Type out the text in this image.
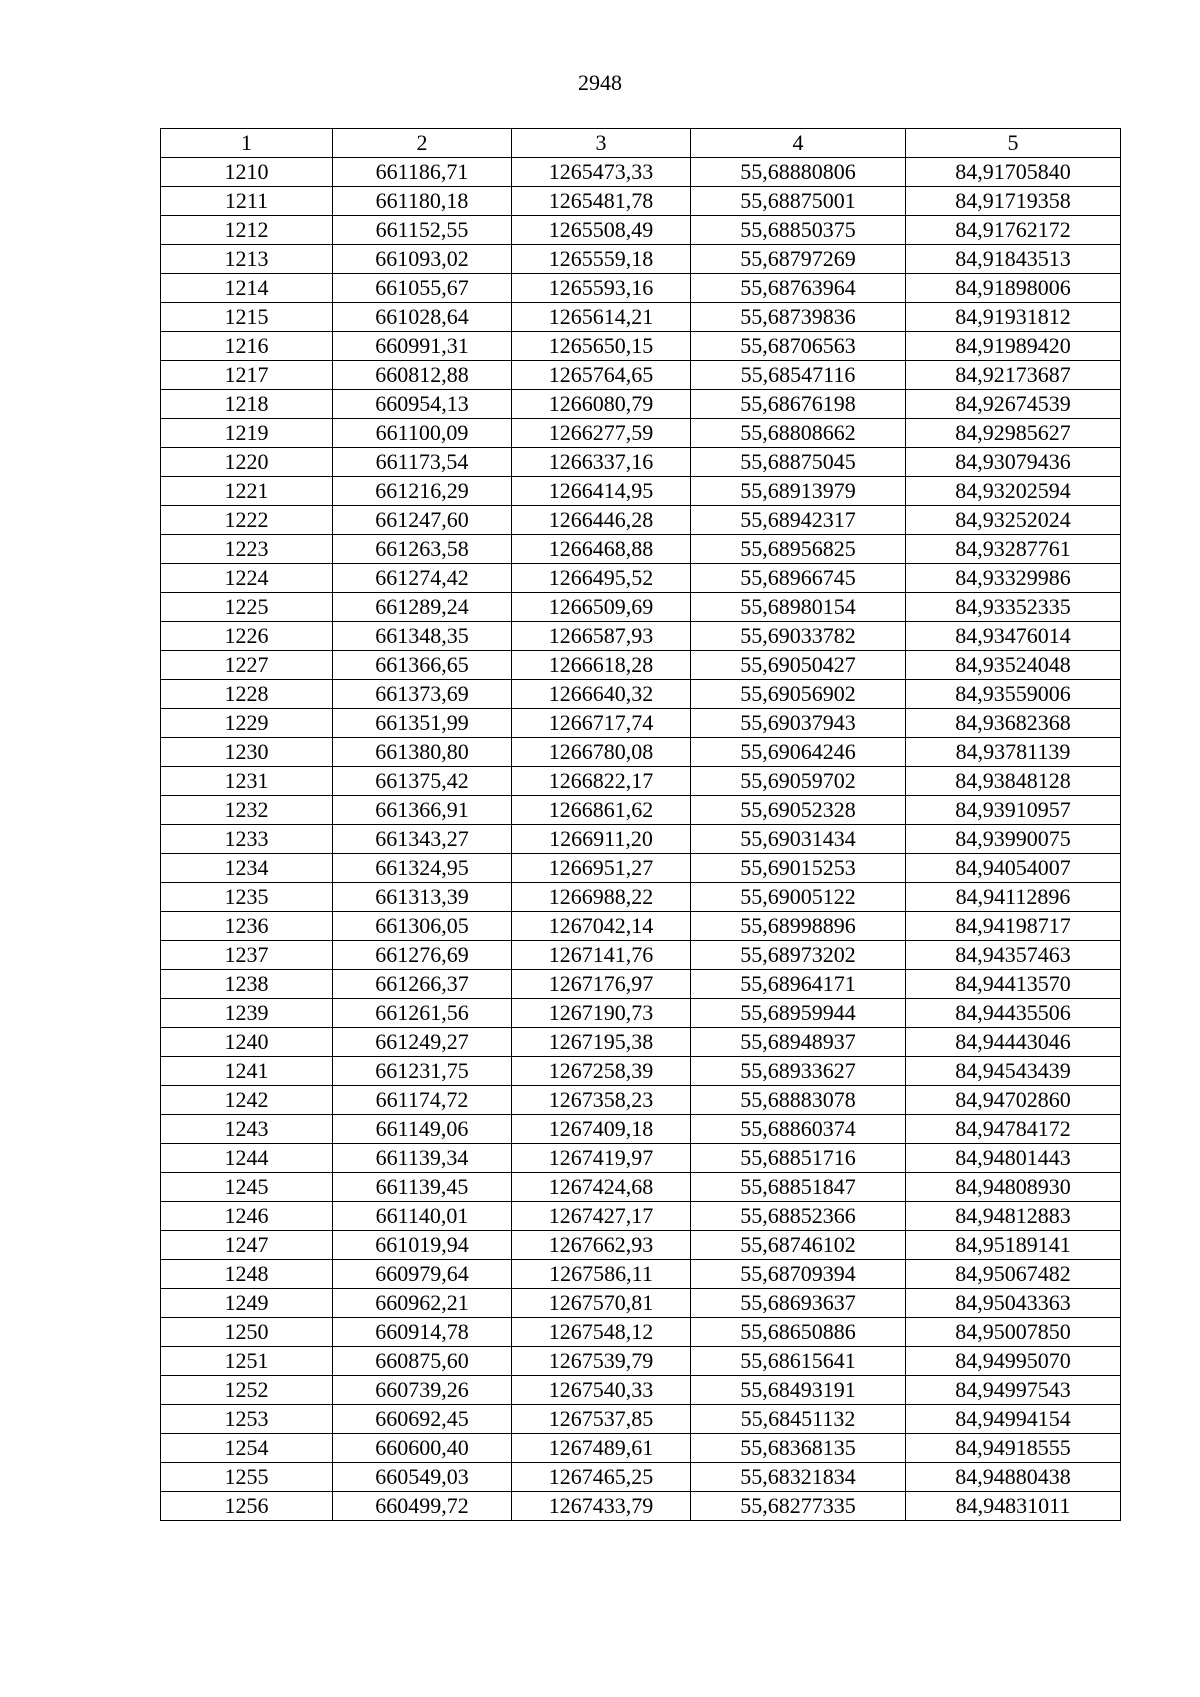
2948
1	2	3	4	5
1210	661186,71	1265473,33	55,68880806	84,91705840
1211	661180,18	1265481,78	55,68875001	84,91719358
1212	661152,55	1265508,49	55,68850375	84,91762172
1213	661093,02	1265559,18	55,68797269	84,91843513
1214	661055,67	1265593,16	55,68763964	84,91898006
1215	661028,64	1265614,21	55,68739836	84,91931812
1216	660991,31	1265650,15	55,68706563	84,91989420
1217	660812,88	1265764,65	55,68547116	84,92173687
1218	660954,13	1266080,79	55,68676198	84,92674539
1219	661100,09	1266277,59	55,68808662	84,92985627
1220	661173,54	1266337,16	55,68875045	84,93079436
1221	661216,29	1266414,95	55,68913979	84,93202594
1222	661247,60	1266446,28	55,68942317	84,93252024
1223	661263,58	1266468,88	55,68956825	84,93287761
1224	661274,42	1266495,52	55,68966745	84,93329986
1225	661289,24	1266509,69	55,68980154	84,93352335
1226	661348,35	1266587,93	55,69033782	84,93476014
1227	661366,65	1266618,28	55,69050427	84,93524048
1228	661373,69	1266640,32	55,69056902	84,93559006
1229	661351,99	1266717,74	55,69037943	84,93682368
1230	661380,80	1266780,08	55,69064246	84,93781139
1231	661375,42	1266822,17	55,69059702	84,93848128
1232	661366,91	1266861,62	55,69052328	84,93910957
1233	661343,27	1266911,20	55,69031434	84,93990075
1234	661324,95	1266951,27	55,69015253	84,94054007
1235	661313,39	1266988,22	55,69005122	84,94112896
1236	661306,05	1267042,14	55,68998896	84,94198717
1237	661276,69	1267141,76	55,68973202	84,94357463
1238	661266,37	1267176,97	55,68964171	84,94413570
1239	661261,56	1267190,73	55,68959944	84,94435506
1240	661249,27	1267195,38	55,68948937	84,94443046
1241	661231,75	1267258,39	55,68933627	84,94543439
1242	661174,72	1267358,23	55,68883078	84,94702860
1243	661149,06	1267409,18	55,68860374	84,94784172
1244	661139,34	1267419,97	55,68851716	84,94801443
1245	661139,45	1267424,68	55,68851847	84,94808930
1246	661140,01	1267427,17	55,68852366	84,94812883
1247	661019,94	1267662,93	55,68746102	84,95189141
1248	660979,64	1267586,11	55,68709394	84,95067482
1249	660962,21	1267570,81	55,68693637	84,95043363
1250	660914,78	1267548,12	55,68650886	84,95007850
1251	660875,60	1267539,79	55,68615641	84,94995070
1252	660739,26	1267540,33	55,68493191	84,94997543
1253	660692,45	1267537,85	55,68451132	84,94994154
1254	660600,40	1267489,61	55,68368135	84,94918555
1255	660549,03	1267465,25	55,68321834	84,94880438
1256	660499,72	1267433,79	55,68277335	84,94831011
